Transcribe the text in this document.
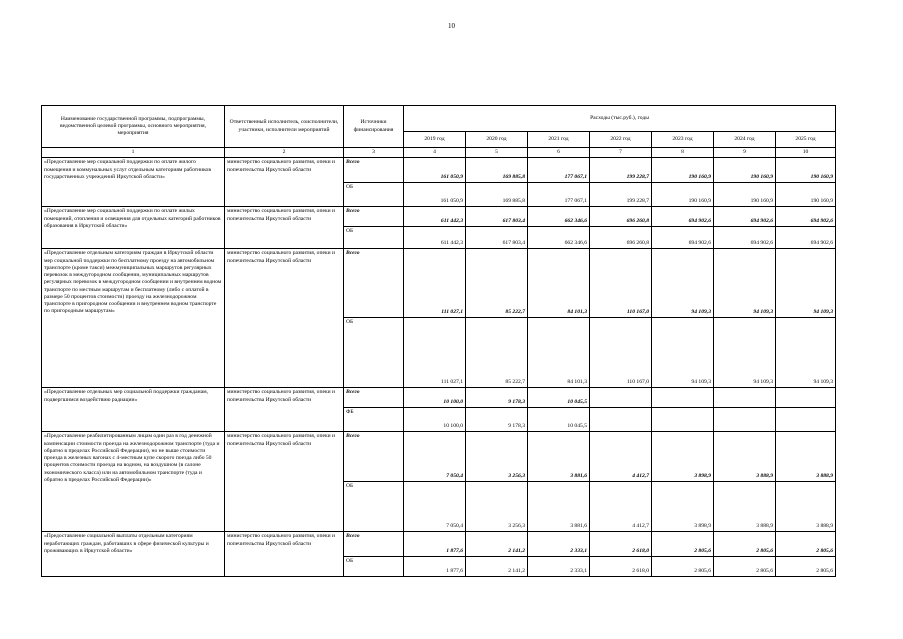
10
Наименование государственной программы, подпрограммы, ведомственной целевой программы, основного мероприятия, мероприятия	Ответственный исполнитель, соисполнители, участники, исполнители мероприятий	Источники финансирования	Расходы (тыс.руб.), годы						
			2019 год	2020 год	2021 год	2022 год	2023 год	2024 год	2025 год
1	2	3	4	5	6	7	8	9	10
«Предоставление мер социальной поддержки по оплате жилого помещения и коммунальных услуг отдельным категориям работников государственных учреждений Иркутской области»	министерство социального развития, опеки и попечительства Иркутской области	Всего	161 050,9	169 885,8	177 067,1	199 228,7	190 160,9	190 160,9	190 160,9
		ОБ	161 050,9	169 885,8	177 067,1	199 228,7	190 160,9	190 160,9	190 160,9
«Предоставление мер социальной поддержки по оплате жилых помещений, отопления и освещения для отдельных категорий работников образования в Иркутской области»	министерство социального развития, опеки и попечительства Иркутской области	Всего	611 442,3	617 803,4	662 346,6	696 260,8	694 902,6	694 902,6	694 902,6
		ОБ	611 442,3	617 803,4	662 346,6	696 260,8	694 902,6	694 902,6	694 902,6
«Предоставление отдельным категориям граждан в Иркутской области мер социальной поддержки по бесплатному проезду на автомобильном транспорте (кроме такси) межмуниципальных маршрутов регулярных перевозок в междугородном сообщении, муниципальных маршрутов регулярных перевозок в междугородном сообщении и внутреннем водном транспорте по местным маршрутам и бесплатному (либо с оплатой в размере 50 процентов стоимости) проезду на железнодорожном транспорте в пригородном сообщении и внутреннем водном транспорте по пригородным маршрутам»	министерство социального развития, опеки и попечительства Иркутской области	Всего	111 027,1	85 222,7	84 101,3	110 167,0	94 109,3	94 109,3	94 109,3
		ОБ	111 027,1	85 222,7	84 101,3	110 167,0	94 109,3	94 109,3	94 109,3
«Предоставление отдельных мер социальной поддержки гражданам, подвергшимся воздействию радиации»	министерство социального развития, опеки и попечительства Иркутской области	Всего	10 100,0	9 178,3	10 045,5				
		ФБ	10 100,0	9 178,3	10 045,5				
«Предоставление реабилитированным лицам один раз в год денежной компенсации стоимости проезда на железнодорожном транспорте (туда и обратно в пределах Российской Федерации), но не выше стоимости проезда в железных вагонах с 4-местным купе скорого поезда либо 50 процентов стоимости проезда на водном, на воздушном (в салоне экономического класса) или на автомобильном транспорте (туда и обратно в пределах Российской Федерации)»	министерство социального развития, опеки и попечительства Иркутской области	Всего	7 050,4	3 256,3	3 881,6	4 412,7	3 898,9	3 888,9	3 888,9
		ОБ	7 050,4	3 256,3	3 881,6	4 412,7	3 898,9	3 888,9	3 888,9
«Предоставление социальной выплаты отдельным категориям неработающих граждан, работавших в сфере физической культуры и проживающих в Иркутской области»	министерство социального развития, опеки и попечительства Иркутской области	Всего	1 877,6	2 141,2	2 333,1	2 618,0	2 805,6	2 805,6	2 805,6
		ОБ	1 877,6	2 141,2	2 333,1	2 618,0	2 805,6	2 805,6	2 805,6
